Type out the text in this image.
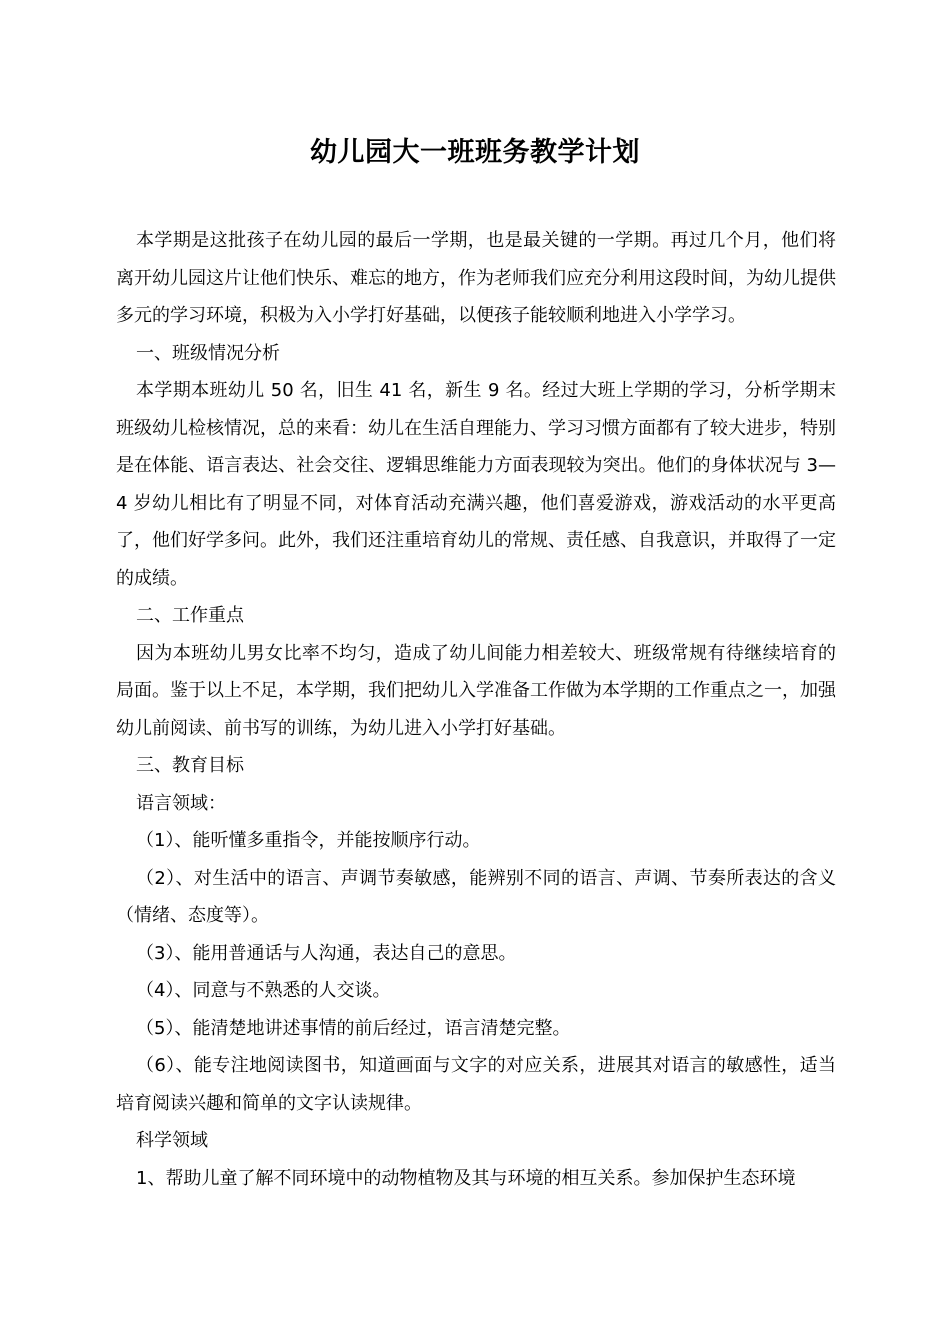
幼儿园大一班班务教学计划

本学期是这批孩子在幼儿园的最后一学期，也是最关键的一学期。再过几个月，他们将离开幼儿园这片让他们快乐、难忘的地方，作为老师我们应充分利用这段时间，为幼儿提供多元的学习环境，积极为入小学打好基础，以便孩子能较顺利地进入小学学习。

一、班级情况分析

本学期本班幼儿 50 名，旧生 41 名，新生 9 名。经过大班上学期的学习，分析学期末班级幼儿检核情况，总的来看：幼儿在生活自理能力、学习习惯方面都有了较大进步，特别是在体能、语言表达、社会交往、逻辑思维能力方面表现较为突出。他们的身体状况与 3—4 岁幼儿相比有了明显不同，对体育活动充满兴趣，他们喜爱游戏，游戏活动的水平更高了，他们好学多问。此外，我们还注重培育幼儿的常规、责任感、自我意识，并取得了一定的成绩。

二、工作重点

因为本班幼儿男女比率不均匀，造成了幼儿间能力相差较大、班级常规有待继续培育的局面。鉴于以上不足，本学期，我们把幼儿入学准备工作做为本学期的工作重点之一，加强幼儿前阅读、前书写的训练，为幼儿进入小学打好基础。

三、教育目标

语言领域：

（1）、能听懂多重指令，并能按顺序行动。

（2）、对生活中的语言、声调节奏敏感，能辨别不同的语言、声调、节奏所表达的含义（情绪、态度等）。

（3）、能用普通话与人沟通，表达自己的意思。

（4）、同意与不熟悉的人交谈。

（5）、能清楚地讲述事情的前后经过，语言清楚完整。

（6）、能专注地阅读图书，知道画面与文字的对应关系，进展其对语言的敏感性，适当培育阅读兴趣和简单的文字认读规律。

科学领域

1、帮助儿童了解不同环境中的动物植物及其与环境的相互关系。参加保护生态环境
